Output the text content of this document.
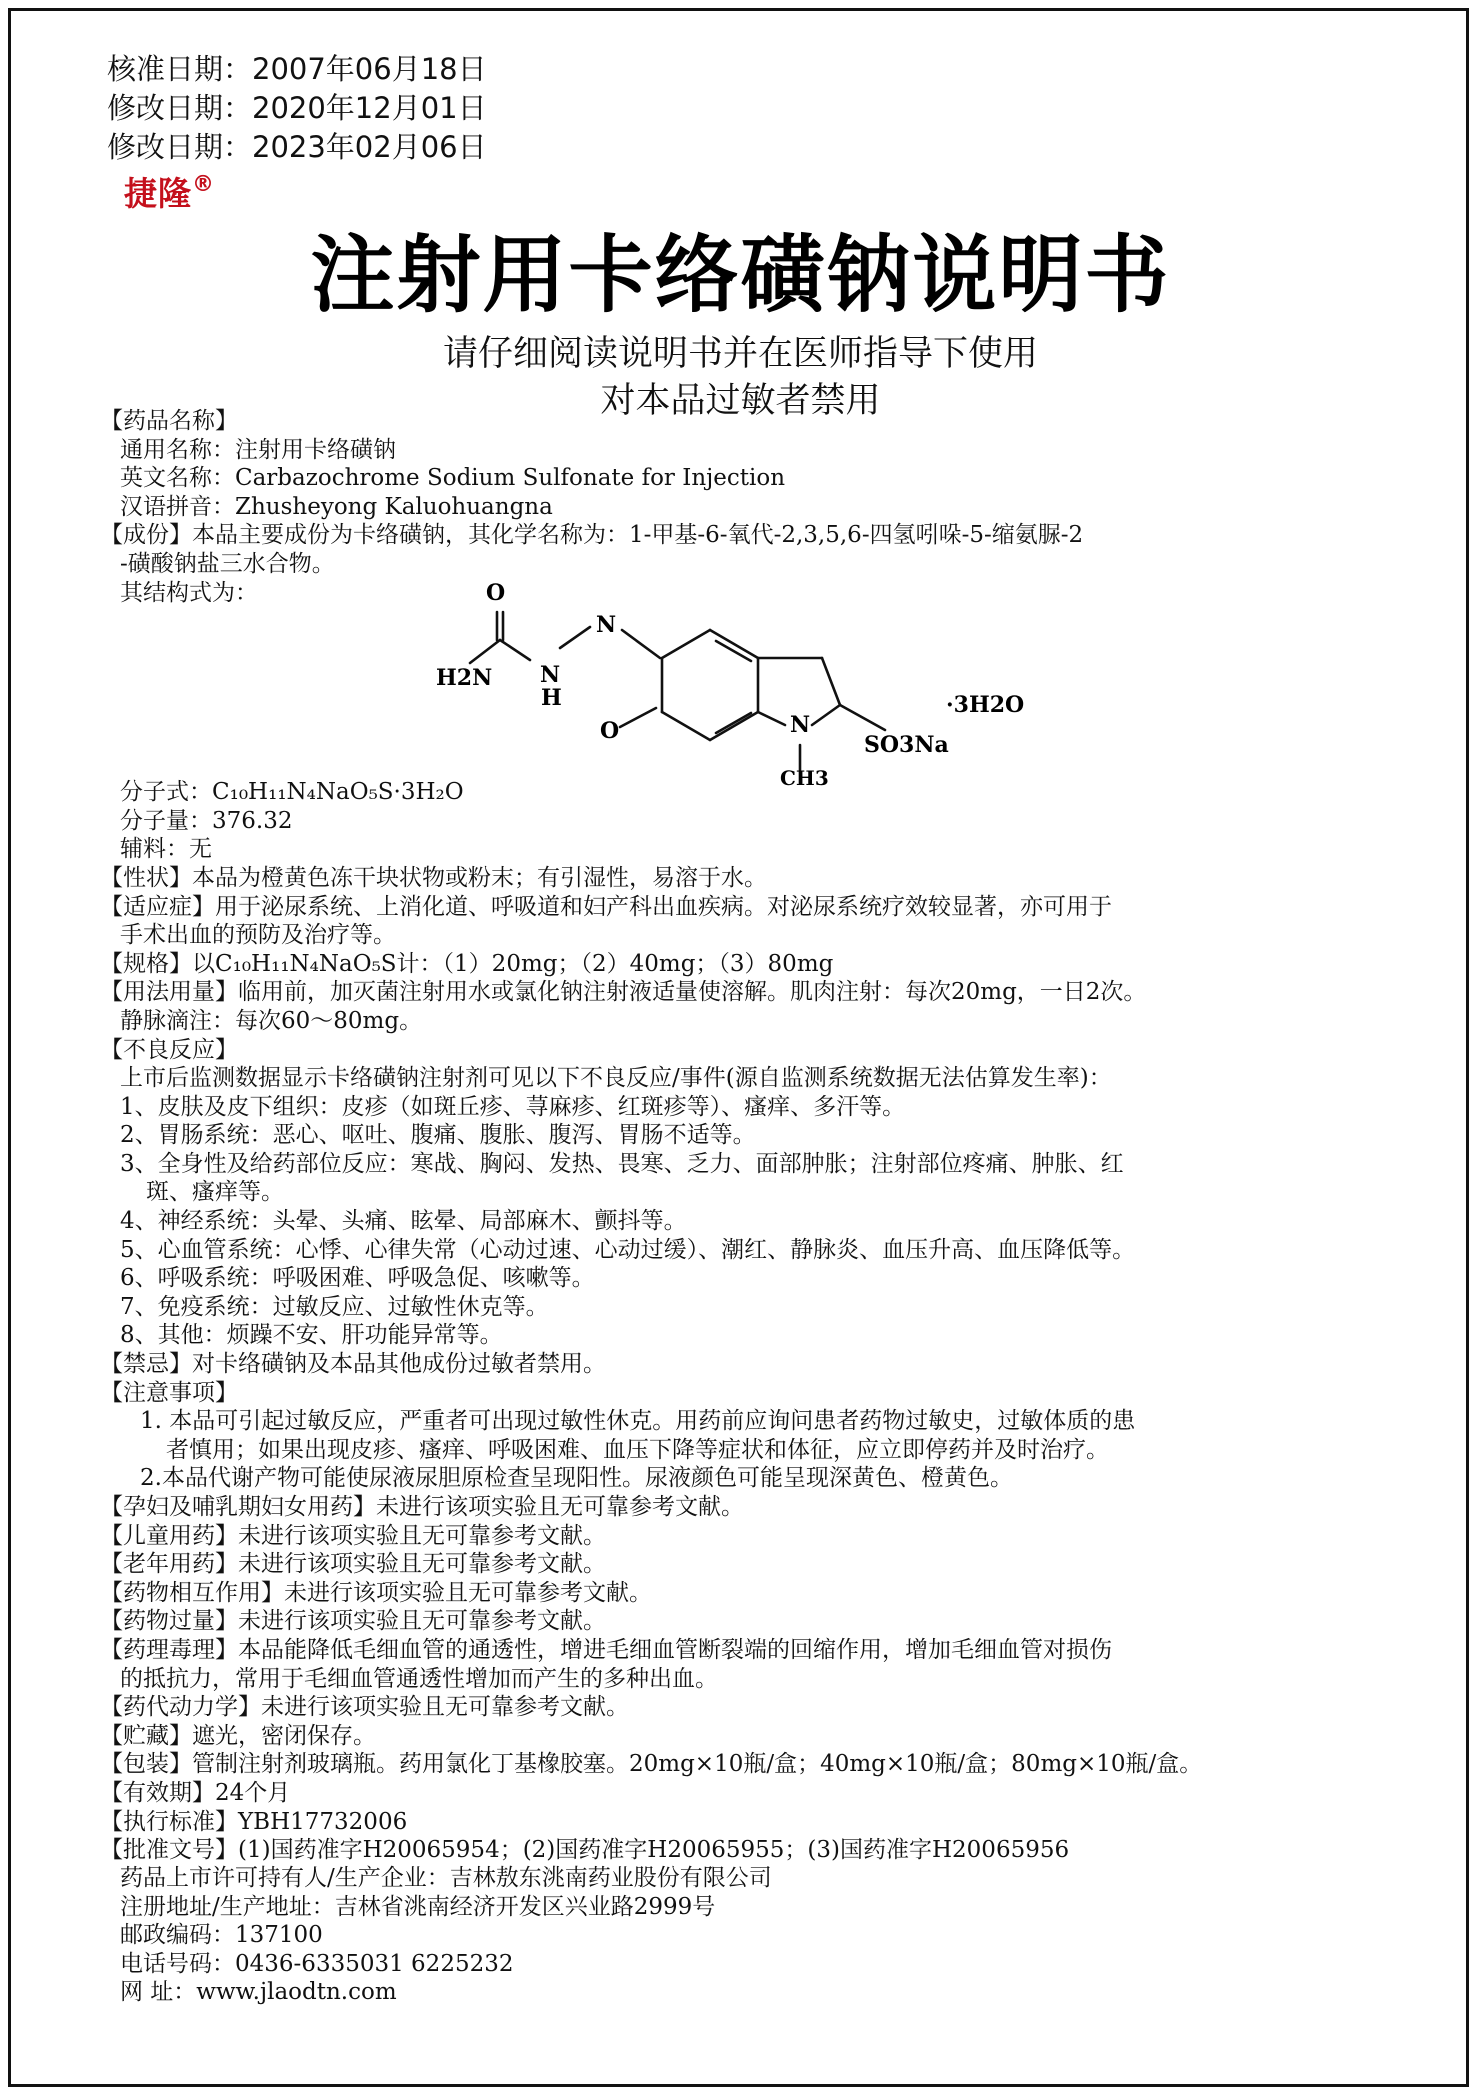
核准日期：2007年06月18日
修改日期：2020年12月01日
修改日期：2023年02月06日
捷隆®
注射用卡络磺钠说明书
请仔细阅读说明书并在医师指导下使用
对本品过敏者禁用
O
H2N N
H
N
O	N
CH3
SO3Na
·3H2O
【药品名称】
通用名称：注射用卡络磺钠
英文名称：Carbazochrome Sodium Sulfonate for Injection
汉语拼音：Zhusheyong Kaluohuangna
【成份】本品主要成份为卡络磺钠，其化学名称为：1-甲基-6-氧代-2,3,5,6-四氢吲哚-5-缩氨脲-2
-磺酸钠盐三水合物。
其结构式为：
分子式：C₁₀H₁₁N₄NaO₅S·3H₂O
分子量：376.32
辅料：无
【性状】本品为橙黄色冻干块状物或粉末；有引湿性，易溶于水。
【适应症】用于泌尿系统、上消化道、呼吸道和妇产科出血疾病。对泌尿系统疗效较显著，亦可用于
手术出血的预防及治疗等。
【规格】以C₁₀H₁₁N₄NaO₅S计：（1）20mg；（2）40mg；（3）80mg
【用法用量】临用前，加灭菌注射用水或氯化钠注射液适量使溶解。肌肉注射：每次20mg，一日2次。
静脉滴注：每次60～80mg。
【不良反应】
上市后监测数据显示卡络磺钠注射剂可见以下不良反应/事件(源自监测系统数据无法估算发生率)：
1、皮肤及皮下组织：皮疹（如斑丘疹、荨麻疹、红斑疹等）、瘙痒、多汗等。
2、胃肠系统：恶心、呕吐、腹痛、腹胀、腹泻、胃肠不适等。
3、全身性及给药部位反应：寒战、胸闷、发热、畏寒、乏力、面部肿胀；注射部位疼痛、肿胀、红
斑、瘙痒等。
4、神经系统：头晕、头痛、眩晕、局部麻木、颤抖等。
5、心血管系统：心悸、心律失常（心动过速、心动过缓）、潮红、静脉炎、血压升高、血压降低等。
6、呼吸系统：呼吸困难、呼吸急促、咳嗽等。
7、免疫系统：过敏反应、过敏性休克等。
8、其他：烦躁不安、肝功能异常等。
【禁忌】对卡络磺钠及本品其他成份过敏者禁用。
【注意事项】
1. 本品可引起过敏反应，严重者可出现过敏性休克。用药前应询问患者药物过敏史，过敏体质的患
者慎用；如果出现皮疹、瘙痒、呼吸困难、血压下降等症状和体征，应立即停药并及时治疗。
2.本品代谢产物可能使尿液尿胆原检查呈现阳性。尿液颜色可能呈现深黄色、橙黄色。
【孕妇及哺乳期妇女用药】未进行该项实验且无可靠参考文献。
【儿童用药】未进行该项实验且无可靠参考文献。
【老年用药】未进行该项实验且无可靠参考文献。
【药物相互作用】未进行该项实验且无可靠参考文献。
【药物过量】未进行该项实验且无可靠参考文献。
【药理毒理】本品能降低毛细血管的通透性，增进毛细血管断裂端的回缩作用，增加毛细血管对损伤
的抵抗力，常用于毛细血管通透性增加而产生的多种出血。
【药代动力学】未进行该项实验且无可靠参考文献。
【贮藏】遮光，密闭保存。
【包装】管制注射剂玻璃瓶。药用氯化丁基橡胶塞。20mg×10瓶/盒；40mg×10瓶/盒；80mg×10瓶/盒。
【有效期】24个月
【执行标准】YBH17732006
【批准文号】(1)国药准字H20065954；(2)国药准字H20065955；(3)国药准字H20065956
药品上市许可持有人/生产企业：吉林敖东洮南药业股份有限公司
注册地址/生产地址：吉林省洮南经济开发区兴业路2999号
邮政编码：137100
电话号码：0436-6335031 6225232
网 址：www.jlaodtn.com
